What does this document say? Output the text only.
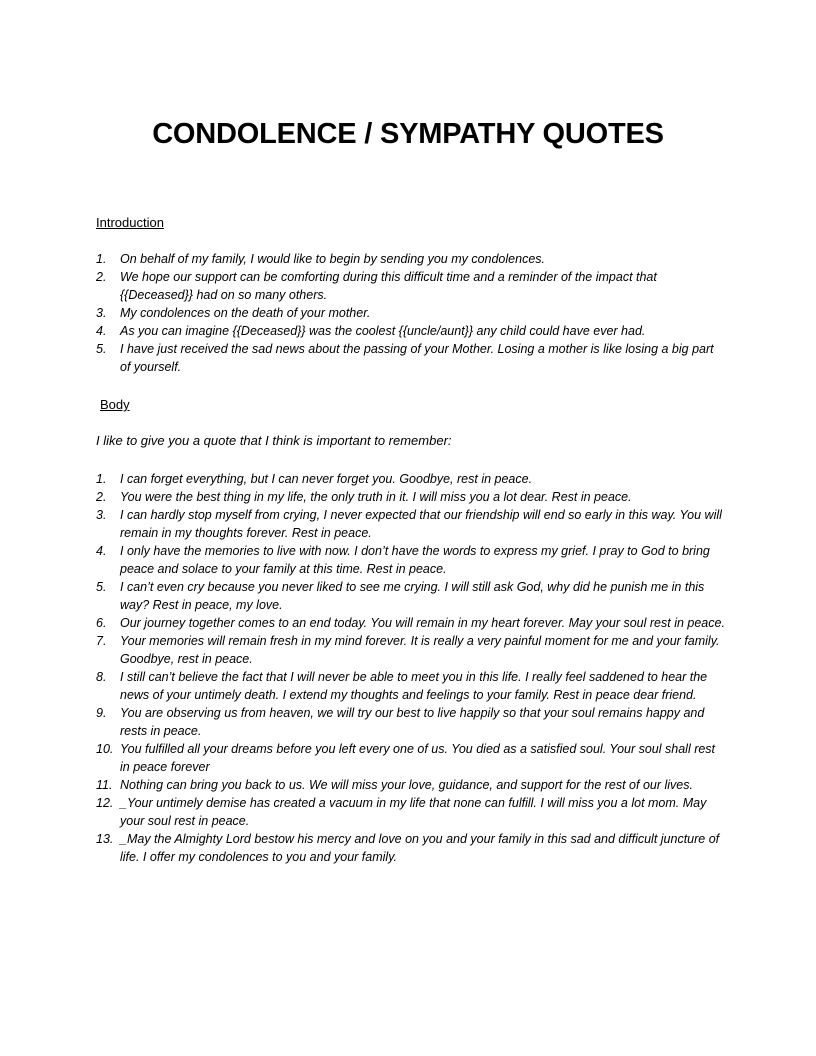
CONDOLENCE / SYMPATHY QUOTES
Introduction
1.	On behalf of my family, I would like to begin by sending you my condolences.
2.	We hope our support can be comforting during this difficult time and a reminder of the impact that {{Deceased}} had on so many others.
3.	My condolences on the death of your mother.
4.	As you can imagine {{Deceased}} was the coolest {{uncle/aunt}} any child could have ever had.
5.	I have just received the sad news about the passing of your Mother. Losing a mother is like losing a big part of yourself.
Body
I like to give you a quote that I think is important to remember:
1.	I can forget everything, but I can never forget you. Goodbye, rest in peace.
2.	You were the best thing in my life, the only truth in it. I will miss you a lot dear. Rest in peace.
3.	I can hardly stop myself from crying, I never expected that our friendship will end so early in this way. You will remain in my thoughts forever. Rest in peace.
4.	I only have the memories to live with now. I don’t have the words to express my grief. I pray to God to bring peace and solace to your family at this time. Rest in peace.
5.	I can’t even cry because you never liked to see me crying. I will still ask God, why did he punish me in this way? Rest in peace, my love.
6.	Our journey together comes to an end today. You will remain in my heart forever. May your soul rest in peace.
7.	Your memories will remain fresh in my mind forever. It is really a very painful moment for me and your family. Goodbye, rest in peace.
8.	I still can’t believe the fact that I will never be able to meet you in this life. I really feel saddened to hear the news of your untimely death. I extend my thoughts and feelings to your family. Rest in peace dear friend.
9.	You are observing us from heaven, we will try our best to live happily so that your soul remains happy and rests in peace.
10. You fulfilled all your dreams before you left every one of us. You died as a satisfied soul. Your soul shall rest in peace forever
11. Nothing can bring you back to us. We will miss your love, guidance, and support for the rest of our lives.
12. _Your untimely demise has created a vacuum in my life that none can fulfill. I will miss you a lot mom. May your soul rest in peace.
13. _May the Almighty Lord bestow his mercy and love on you and your family in this sad and difficult juncture of life. I offer my condolences to you and your family.
